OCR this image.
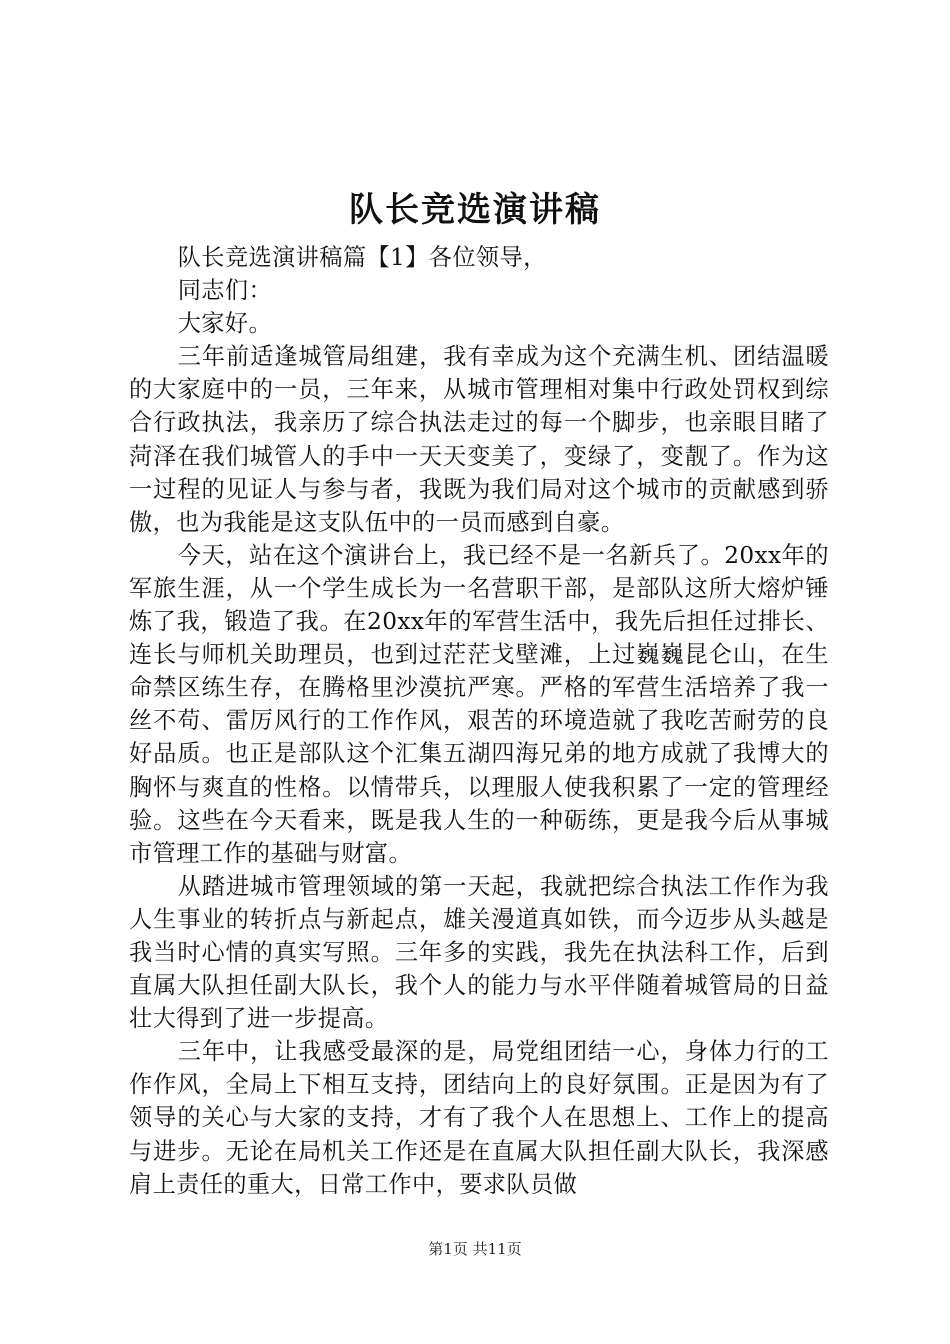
队长竞选演讲稿

队长竞选演讲稿篇【1】各位领导，

同志们：

大家好。

三年前适逢城管局组建，我有幸成为这个充满生机、团结温暖的大家庭中的一员，三年来，从城市管理相对集中行政处罚权到综合行政执法，我亲历了综合执法走过的每一个脚步，也亲眼目睹了菏泽在我们城管人的手中一天天变美了，变绿了，变靓了。作为这一过程的见证人与参与者，我既为我们局对这个城市的贡献感到骄傲，也为我能是这支队伍中的一员而感到自豪。

今天，站在这个演讲台上，我已经不是一名新兵了。20xx年的军旅生涯，从一个学生成长为一名营职干部，是部队这所大熔炉锤炼了我，锻造了我。在20xx年的军营生活中，我先后担任过排长、连长与师机关助理员，也到过茫茫戈壁滩，上过巍巍昆仑山，在生命禁区练生存，在腾格里沙漠抗严寒。严格的军营生活培养了我一丝不苟、雷厉风行的工作作风，艰苦的环境造就了我吃苦耐劳的良好品质。也正是部队这个汇集五湖四海兄弟的地方成就了我博大的胸怀与爽直的性格。以情带兵，以理服人使我积累了一定的管理经验。这些在今天看来，既是我人生的一种砺练，更是我今后从事城市管理工作的基础与财富。

从踏进城市管理领域的第一天起，我就把综合执法工作作为我人生事业的转折点与新起点，雄关漫道真如铁，而今迈步从头越是我当时心情的真实写照。三年多的实践，我先在执法科工作，后到直属大队担任副大队长，我个人的能力与水平伴随着城管局的日益壮大得到了进一步提高。

三年中，让我感受最深的是，局党组团结一心，身体力行的工作作风，全局上下相互支持，团结向上的良好氛围。正是因为有了领导的关心与大家的支持，才有了我个人在思想上、工作上的提高与进步。无论在局机关工作还是在直属大队担任副大队长，我深感肩上责任的重大，日常工作中，要求队员做

第1页 共11页
